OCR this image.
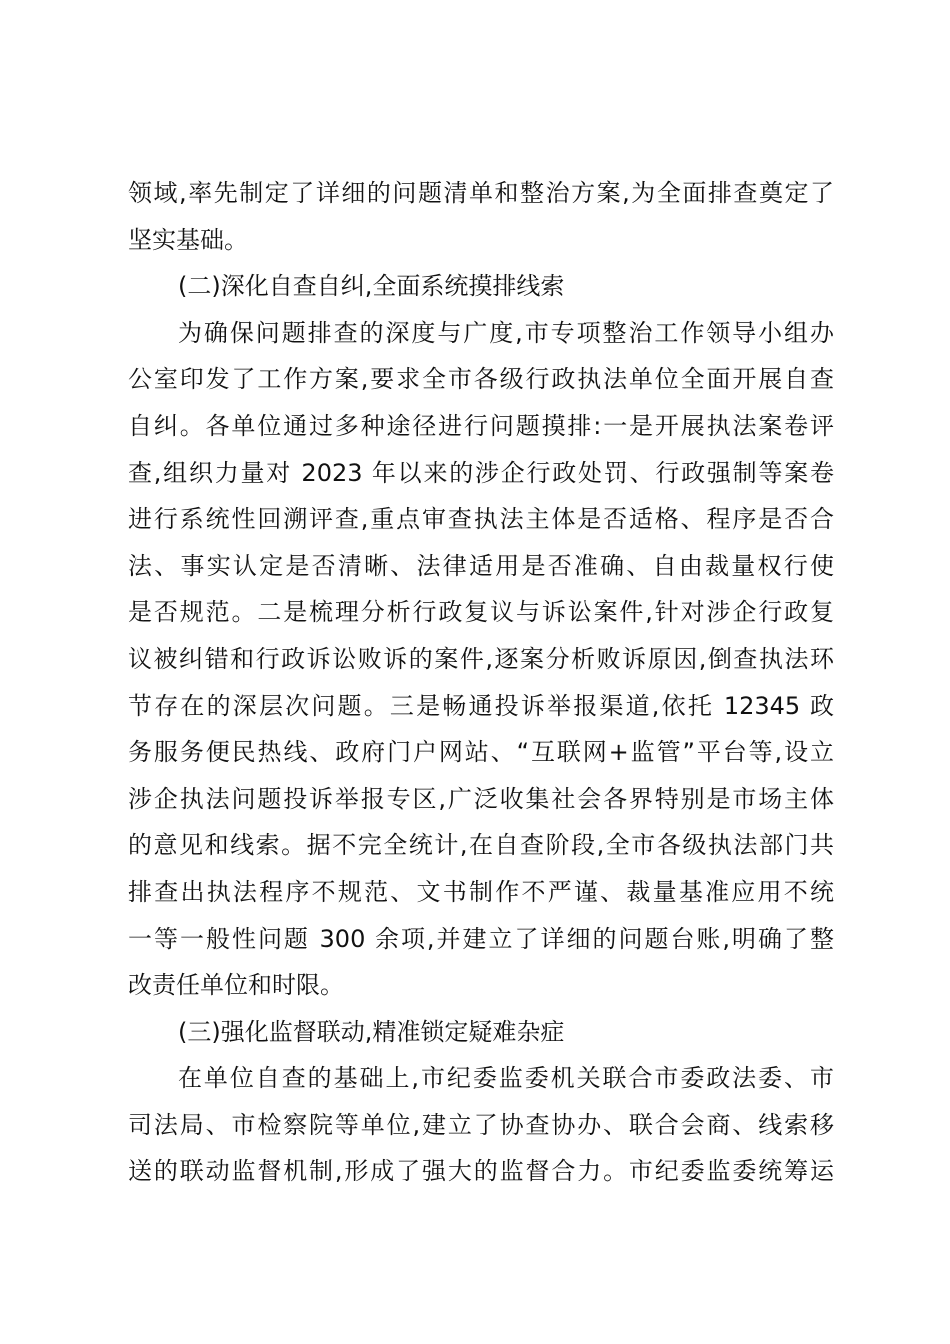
领域,率先制定了详细的问题清单和整治方案,为全面排查奠定了
坚实基础。
(二)深化自查自纠,全面系统摸排线索
为确保问题排查的深度与广度,市专项整治工作领导小组办
公室印发了工作方案,要求全市各级行政执法单位全面开展自查
自纠。各单位通过多种途径进行问题摸排:一是开展执法案卷评
查,组织力量对 2023 年以来的涉企行政处罚、行政强制等案卷
进行系统性回溯评查,重点审查执法主体是否适格、程序是否合
法、事实认定是否清晰、法律适用是否准确、自由裁量权行使
是否规范。二是梳理分析行政复议与诉讼案件,针对涉企行政复
议被纠错和行政诉讼败诉的案件,逐案分析败诉原因,倒查执法环
节存在的深层次问题。三是畅通投诉举报渠道,依托 12345 政
务服务便民热线、政府门户网站、“互联网+监管”平台等,设立
涉企执法问题投诉举报专区,广泛收集社会各界特别是市场主体
的意见和线索。据不完全统计,在自查阶段,全市各级执法部门共
排查出执法程序不规范、文书制作不严谨、裁量基准应用不统
一等一般性问题 300 余项,并建立了详细的问题台账,明确了整
改责任单位和时限。
(三)强化监督联动,精准锁定疑难杂症
在单位自查的基础上,市纪委监委机关联合市委政法委、市
司法局、市检察院等单位,建立了协查协办、联合会商、线索移
送的联动监督机制,形成了强大的监督合力。市纪委监委统筹运
